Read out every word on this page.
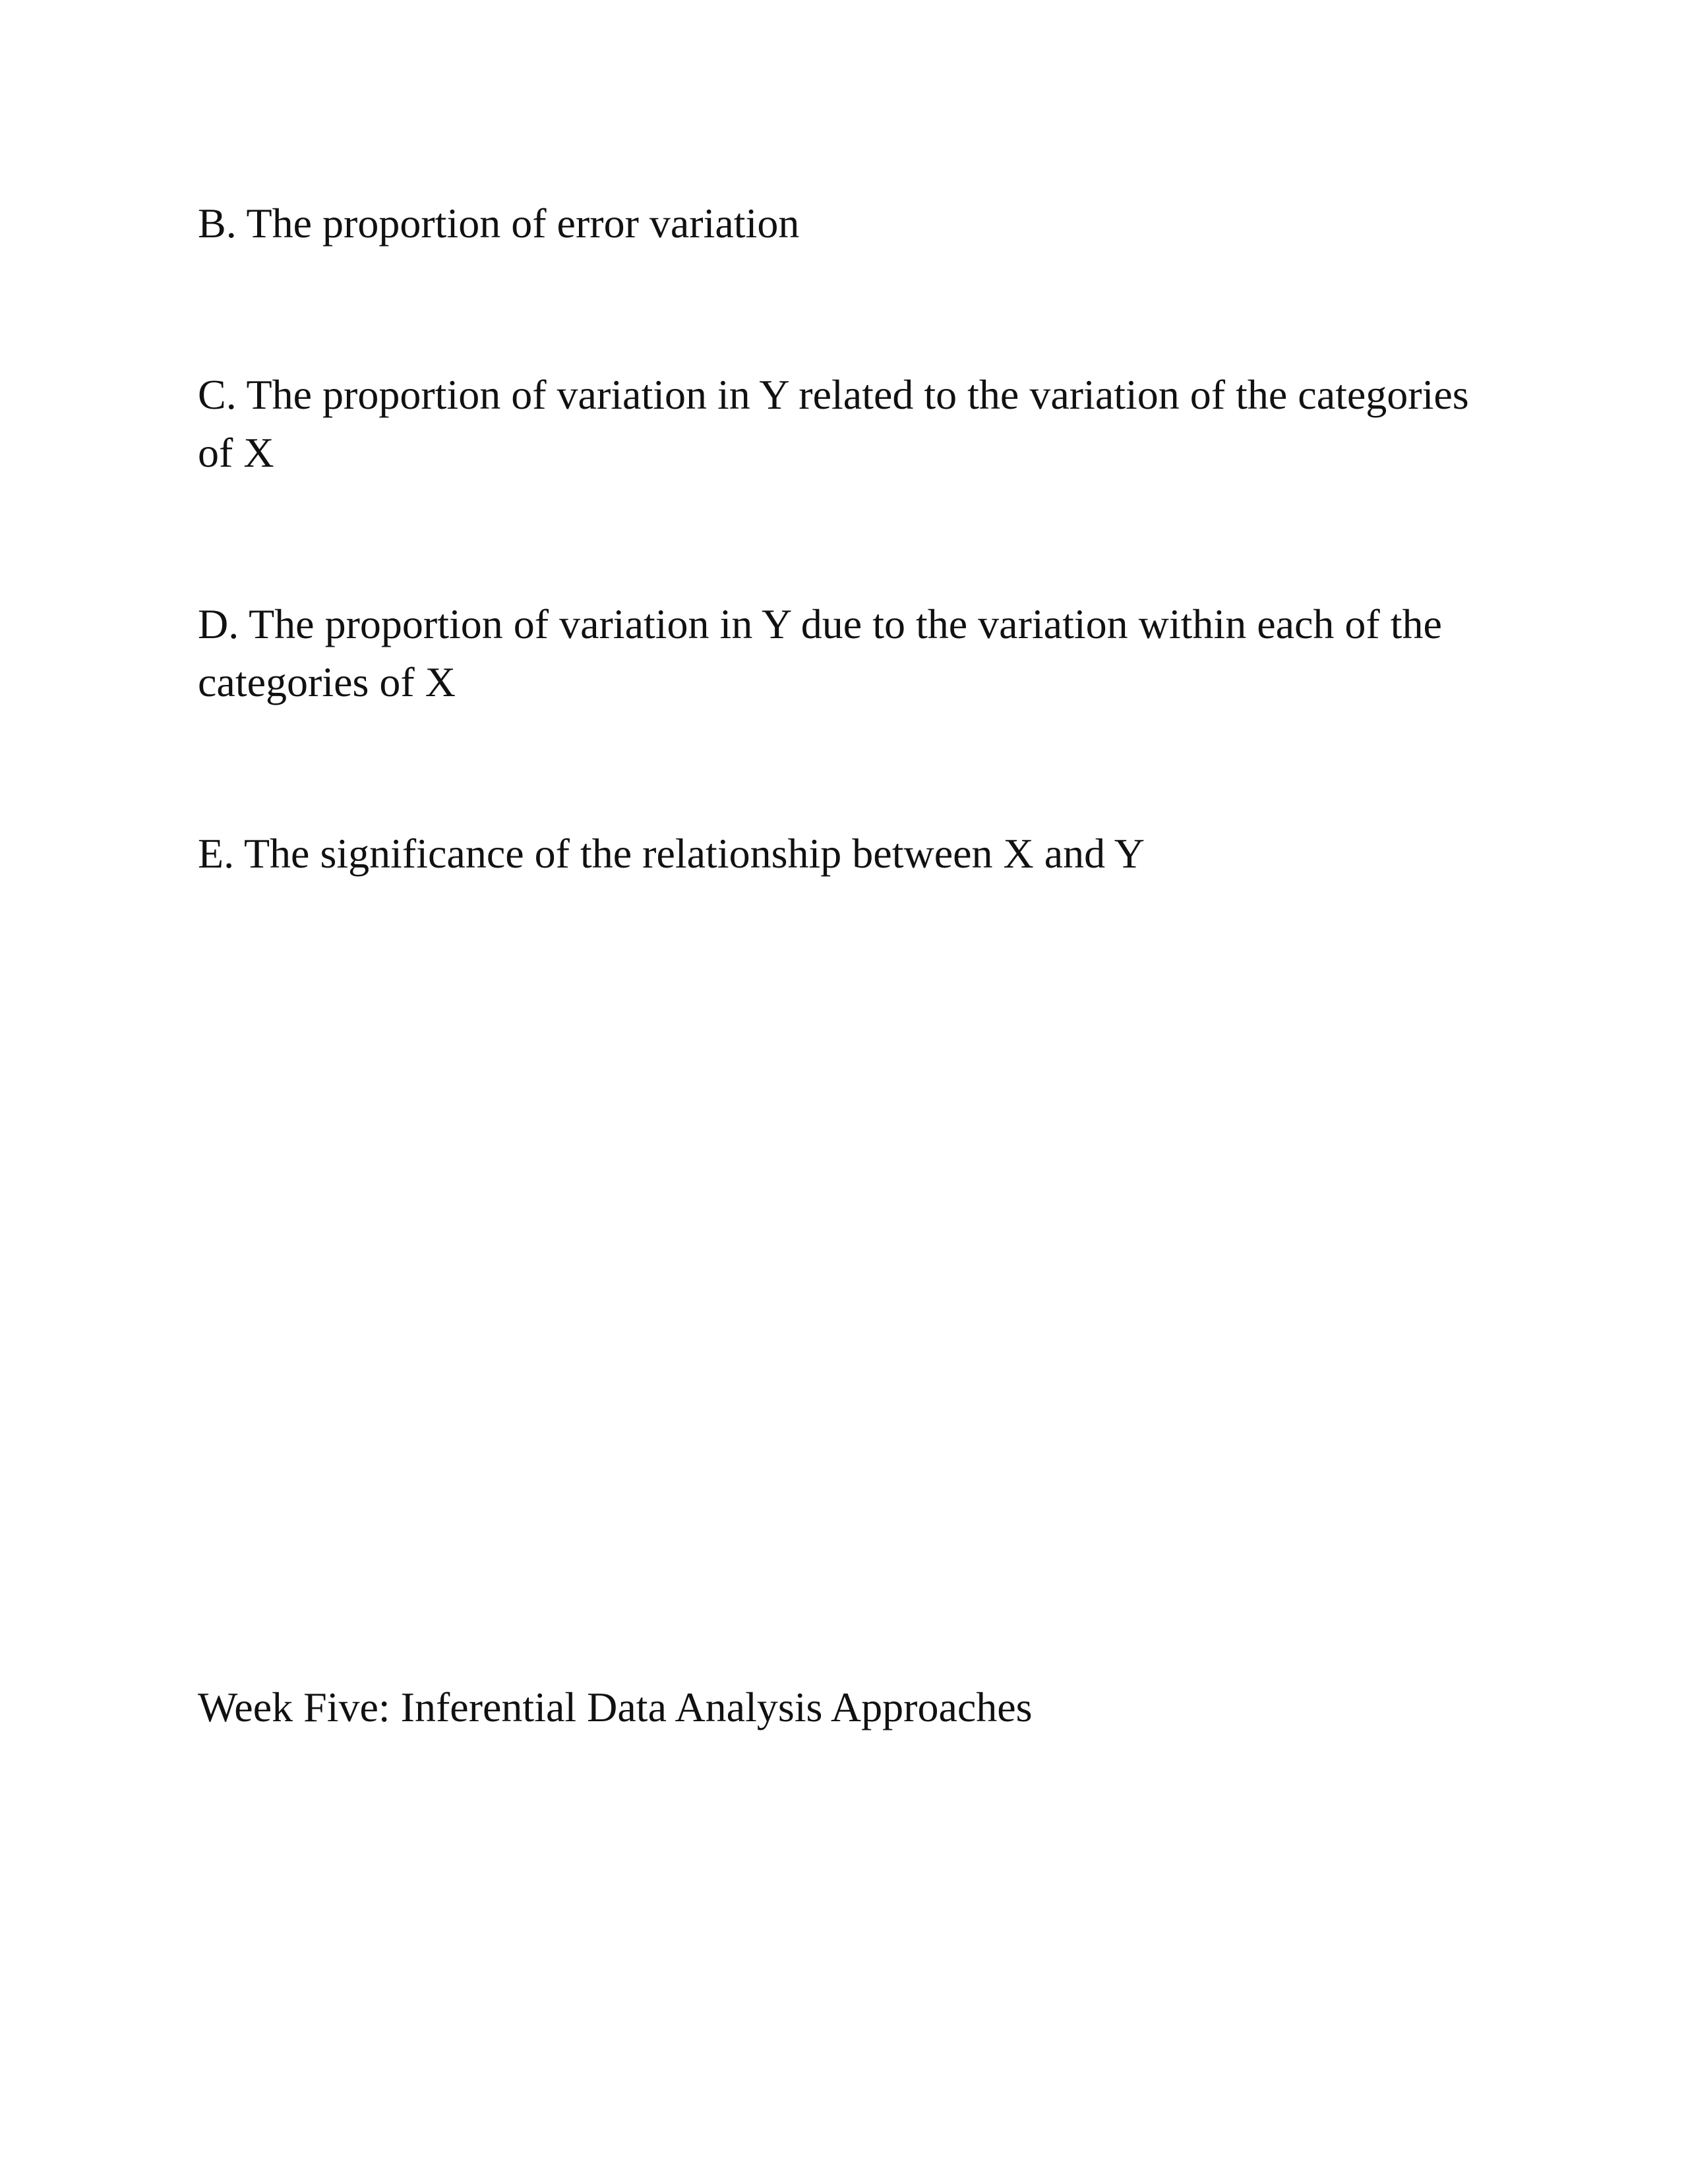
B. The proportion of error variation

C. The proportion of variation in Y related to the variation of the categories of X

D. The proportion of variation in Y due to the variation within each of the categories of X

E. The significance of the relationship between X and Y

Week Five: Inferential Data Analysis Approaches
